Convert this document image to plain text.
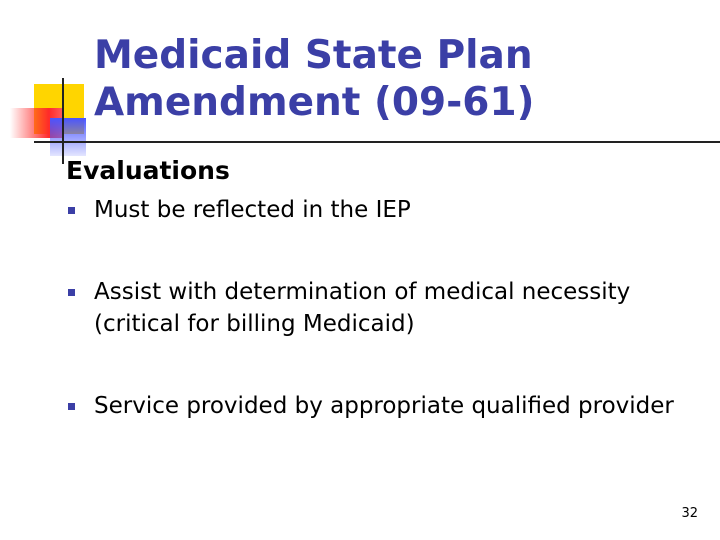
Medicaid State Plan
Amendment (09-61)
Evaluations
Must be reflected in the IEP
Assist with determination of medical necessity (critical for billing Medicaid)
Service provided by appropriate qualified provider
32
